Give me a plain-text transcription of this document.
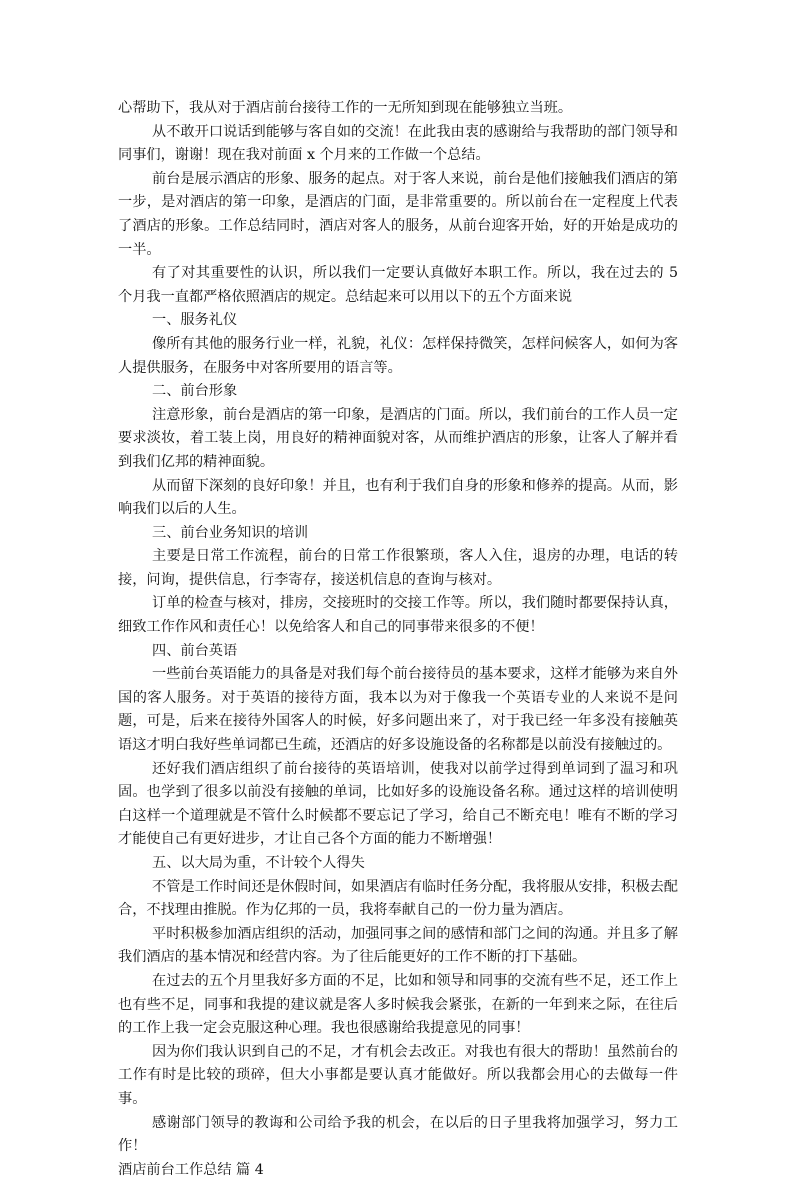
心帮助下，我从对于酒店前台接待工作的一无所知到现在能够独立当班。

从不敢开口说话到能够与客自如的交流！在此我由衷的感谢给与我帮助的部门领导和同事们，谢谢！现在我对前面 x 个月来的工作做一个总结。

前台是展示酒店的形象、服务的起点。对于客人来说，前台是他们接触我们酒店的第一步，是对酒店的第一印象，是酒店的门面，是非常重要的。所以前台在一定程度上代表了酒店的形象。工作总结同时，酒店对客人的服务，从前台迎客开始，好的开始是成功的一半。

有了对其重要性的认识，所以我们一定要认真做好本职工作。所以，我在过去的 5 个月我一直都严格依照酒店的规定。总结起来可以用以下的五个方面来说

一、服务礼仪

像所有其他的服务行业一样，礼貌，礼仪：怎样保持微笑，怎样问候客人，如何为客人提供服务，在服务中对客所要用的语言等。

二、前台形象

注意形象，前台是酒店的第一印象，是酒店的门面。所以，我们前台的工作人员一定要求淡妆，着工装上岗，用良好的精神面貌对客，从而维护酒店的形象，让客人了解并看到我们亿邦的精神面貌。

从而留下深刻的良好印象！并且，也有利于我们自身的形象和修养的提高。从而，影响我们以后的人生。

三、前台业务知识的培训

主要是日常工作流程，前台的日常工作很繁琐，客人入住，退房的办理，电话的转接，问询，提供信息，行李寄存，接送机信息的查询与核对。

订单的检查与核对，排房，交接班时的交接工作等。所以，我们随时都要保持认真，细致工作作风和责任心！以免给客人和自己的同事带来很多的不便！

四、前台英语

一些前台英语能力的具备是对我们每个前台接待员的基本要求，这样才能够为来自外国的客人服务。对于英语的接待方面，我本以为对于像我一个英语专业的人来说不是问题，可是，后来在接待外国客人的时候，好多问题出来了，对于我已经一年多没有接触英语这才明白我好些单词都已生疏，还酒店的好多设施设备的名称都是以前没有接触过的。

还好我们酒店组织了前台接待的英语培训，使我对以前学过得到单词到了温习和巩固。也学到了很多以前没有接触的单词，比如好多的设施设备名称。通过这样的培训使明白这样一个道理就是不管什么时候都不要忘记了学习，给自己不断充电！唯有不断的学习才能使自己有更好进步，才让自己各个方面的能力不断增强！

五、以大局为重，不计较个人得失

不管是工作时间还是休假时间，如果酒店有临时任务分配，我将服从安排，积极去配合，不找理由推脱。作为亿邦的一员，我将奉献自己的一份力量为酒店。

平时积极参加酒店组织的活动，加强同事之间的感情和部门之间的沟通。并且多了解我们酒店的基本情况和经营内容。为了往后能更好的工作不断的打下基础。

在过去的五个月里我好多方面的不足，比如和领导和同事的交流有些不足，还工作上也有些不足，同事和我提的建议就是客人多时候我会紧张，在新的一年到来之际，在往后的工作上我一定会克服这种心理。我也很感谢给我提意见的同事！

因为你们我认识到自己的不足，才有机会去改正。对我也有很大的帮助！虽然前台的工作有时是比较的琐碎，但大小事都是要认真才能做好。所以我都会用心的去做每一件事。

感谢部门领导的教诲和公司给予我的机会，在以后的日子里我将加强学习，努力工作！

酒店前台工作总结 篇 4
